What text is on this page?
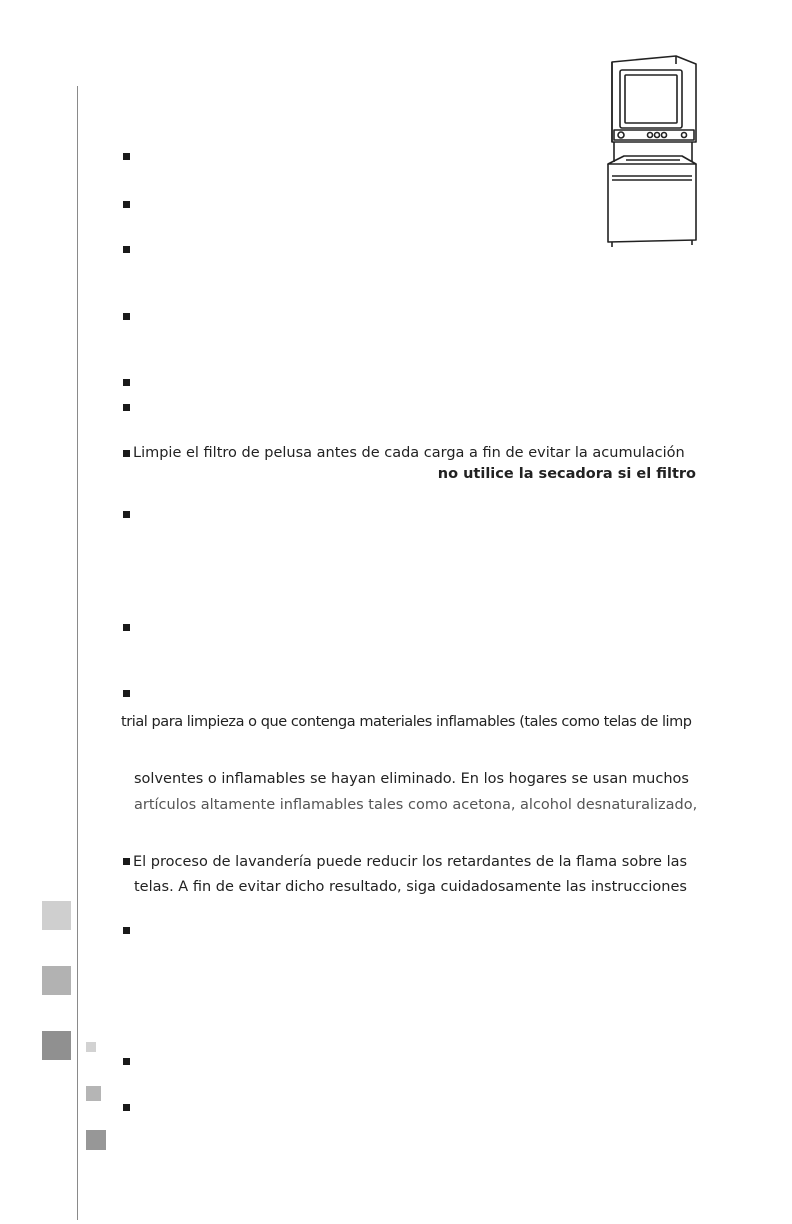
Limpie el filtro de pelusa antes de cada carga a fin de evitar la acumulación
no utilice la secadora si el filtro
trial para limpieza o que contenga materiales inflamables (tales como telas de limp
solventes o inflamables se hayan eliminado. En los hogares se usan muchos
artículos altamente inflamables tales como acetona, alcohol desnaturalizado,
El proceso de lavandería puede reducir los retardantes de la flama sobre las
telas. A fin de evitar dicho resultado, siga cuidadosamente las instrucciones
